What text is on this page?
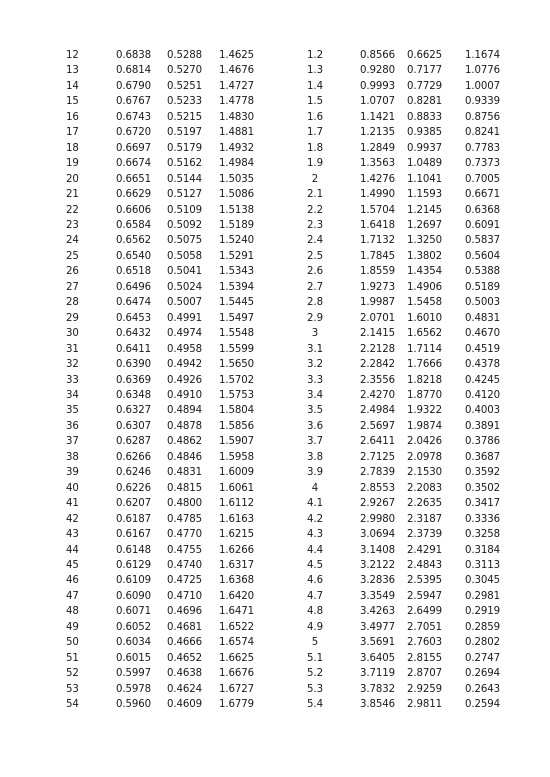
	12	0.6838	0.5288	1.4625	1.2	0.8566	0.6625	1.1674	
	13	0.6814	0.5270	1.4676	1.3	0.9280	0.7177	1.0776	
	14	0.6790	0.5251	1.4727	1.4	0.9993	0.7729	1.0007	
	15	0.6767	0.5233	1.4778	1.5	1.0707	0.8281	0.9339	
	16	0.6743	0.5215	1.4830	1.6	1.1421	0.8833	0.8756	
	17	0.6720	0.5197	1.4881	1.7	1.2135	0.9385	0.8241	
	18	0.6697	0.5179	1.4932	1.8	1.2849	0.9937	0.7783	
	19	0.6674	0.5162	1.4984	1.9	1.3563	1.0489	0.7373	
	20	0.6651	0.5144	1.5035	2	1.4276	1.1041	0.7005	
	21	0.6629	0.5127	1.5086	2.1	1.4990	1.1593	0.6671	
	22	0.6606	0.5109	1.5138	2.2	1.5704	1.2145	0.6368	
	23	0.6584	0.5092	1.5189	2.3	1.6418	1.2697	0.6091	
	24	0.6562	0.5075	1.5240	2.4	1.7132	1.3250	0.5837	
	25	0.6540	0.5058	1.5291	2.5	1.7845	1.3802	0.5604	
	26	0.6518	0.5041	1.5343	2.6	1.8559	1.4354	0.5388	
	27	0.6496	0.5024	1.5394	2.7	1.9273	1.4906	0.5189	
	28	0.6474	0.5007	1.5445	2.8	1.9987	1.5458	0.5003	
	29	0.6453	0.4991	1.5497	2.9	2.0701	1.6010	0.4831	
	30	0.6432	0.4974	1.5548	3	2.1415	1.6562	0.4670	
	31	0.6411	0.4958	1.5599	3.1	2.2128	1.7114	0.4519	
	32	0.6390	0.4942	1.5650	3.2	2.2842	1.7666	0.4378	
	33	0.6369	0.4926	1.5702	3.3	2.3556	1.8218	0.4245	
	34	0.6348	0.4910	1.5753	3.4	2.4270	1.8770	0.4120	
	35	0.6327	0.4894	1.5804	3.5	2.4984	1.9322	0.4003	
	36	0.6307	0.4878	1.5856	3.6	2.5697	1.9874	0.3891	
	37	0.6287	0.4862	1.5907	3.7	2.6411	2.0426	0.3786	
	38	0.6266	0.4846	1.5958	3.8	2.7125	2.0978	0.3687	
	39	0.6246	0.4831	1.6009	3.9	2.7839	2.1530	0.3592	
	40	0.6226	0.4815	1.6061	4	2.8553	2.2083	0.3502	
	41	0.6207	0.4800	1.6112	4.1	2.9267	2.2635	0.3417	
	42	0.6187	0.4785	1.6163	4.2	2.9980	2.3187	0.3336	
	43	0.6167	0.4770	1.6215	4.3	3.0694	2.3739	0.3258	
	44	0.6148	0.4755	1.6266	4.4	3.1408	2.4291	0.3184	
	45	0.6129	0.4740	1.6317	4.5	3.2122	2.4843	0.3113	
	46	0.6109	0.4725	1.6368	4.6	3.2836	2.5395	0.3045	
	47	0.6090	0.4710	1.6420	4.7	3.3549	2.5947	0.2981	
	48	0.6071	0.4696	1.6471	4.8	3.4263	2.6499	0.2919	
	49	0.6052	0.4681	1.6522	4.9	3.4977	2.7051	0.2859	
	50	0.6034	0.4666	1.6574	5	3.5691	2.7603	0.2802	
	51	0.6015	0.4652	1.6625	5.1	3.6405	2.8155	0.2747	
	52	0.5997	0.4638	1.6676	5.2	3.7119	2.8707	0.2694	
	53	0.5978	0.4624	1.6727	5.3	3.7832	2.9259	0.2643	
	54	0.5960	0.4609	1.6779	5.4	3.8546	2.9811	0.2594	
